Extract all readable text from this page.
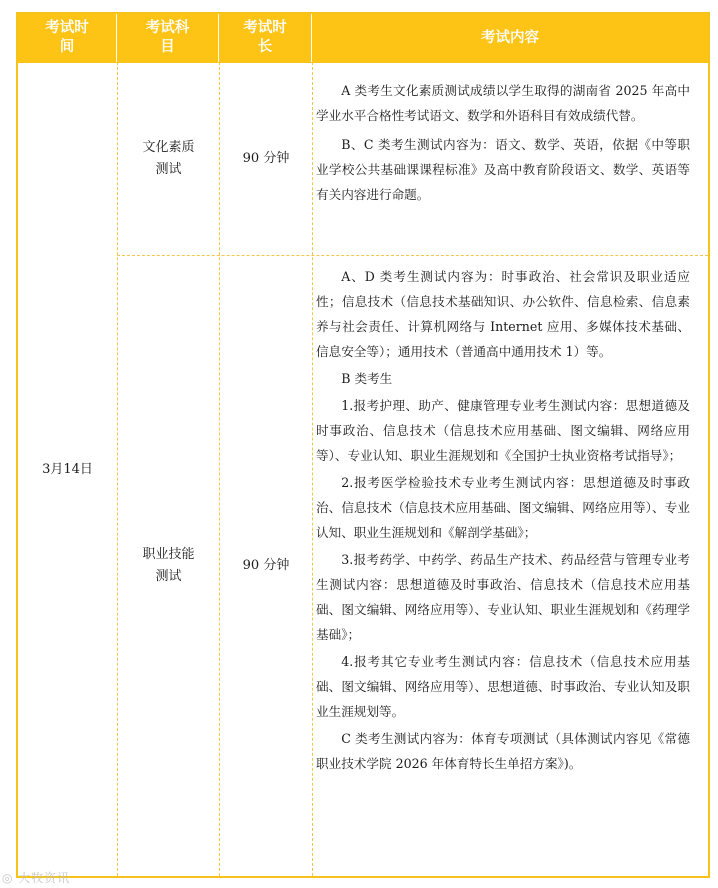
考试时
间
考试科
目
考试时
长
考试内容
3月14日
文化素质
测试
90 分钟

A 类考生文化素质测试成绩以学生取得的湖南省 2025 年高中学业水平合格性考试语文、数学和外语科目有效成绩代替。

B、C 类考生测试内容为：语文、数学、英语，依据《中等职业学校公共基础课课程标准》及高中教育阶段语文、数学、英语等有关内容进行命题。

职业技能
测试
90 分钟

A、D 类考生测试内容为：时事政治、社会常识及职业适应性；信息技术（信息技术基础知识、办公软件、信息检索、信息素养与社会责任、计算机网络与 Internet 应用、多媒体技术基础、信息安全等）；通用技术（普通高中通用技术 1）等。

B 类考生

1.报考护理、助产、健康管理专业考生测试内容：思想道德及时事政治、信息技术（信息技术应用基础、图文编辑、网络应用等）、专业认知、职业生涯规划和《全国护士执业资格考试指导》；

2.报考医学检验技术专业考生测试内容：思想道德及时事政治、信息技术（信息技术应用基础、图文编辑、网络应用等）、专业认知、职业生涯规划和《解剖学基础》；

3.报考药学、中药学、药品生产技术、药品经营与管理专业考生测试内容：思想道德及时事政治、信息技术（信息技术应用基础、图文编辑、网络应用等）、专业认知、职业生涯规划和《药理学基础》；

4.报考其它专业考生测试内容：信息技术（信息技术应用基础、图文编辑、网络应用等）、思想道德、时事政治、专业认知及职业生涯规划等。

C 类考生测试内容为：体育专项测试（具体测试内容见《常德职业技术学院 2026 年体育特长生单招方案》)。

◎ 大牧资讯
